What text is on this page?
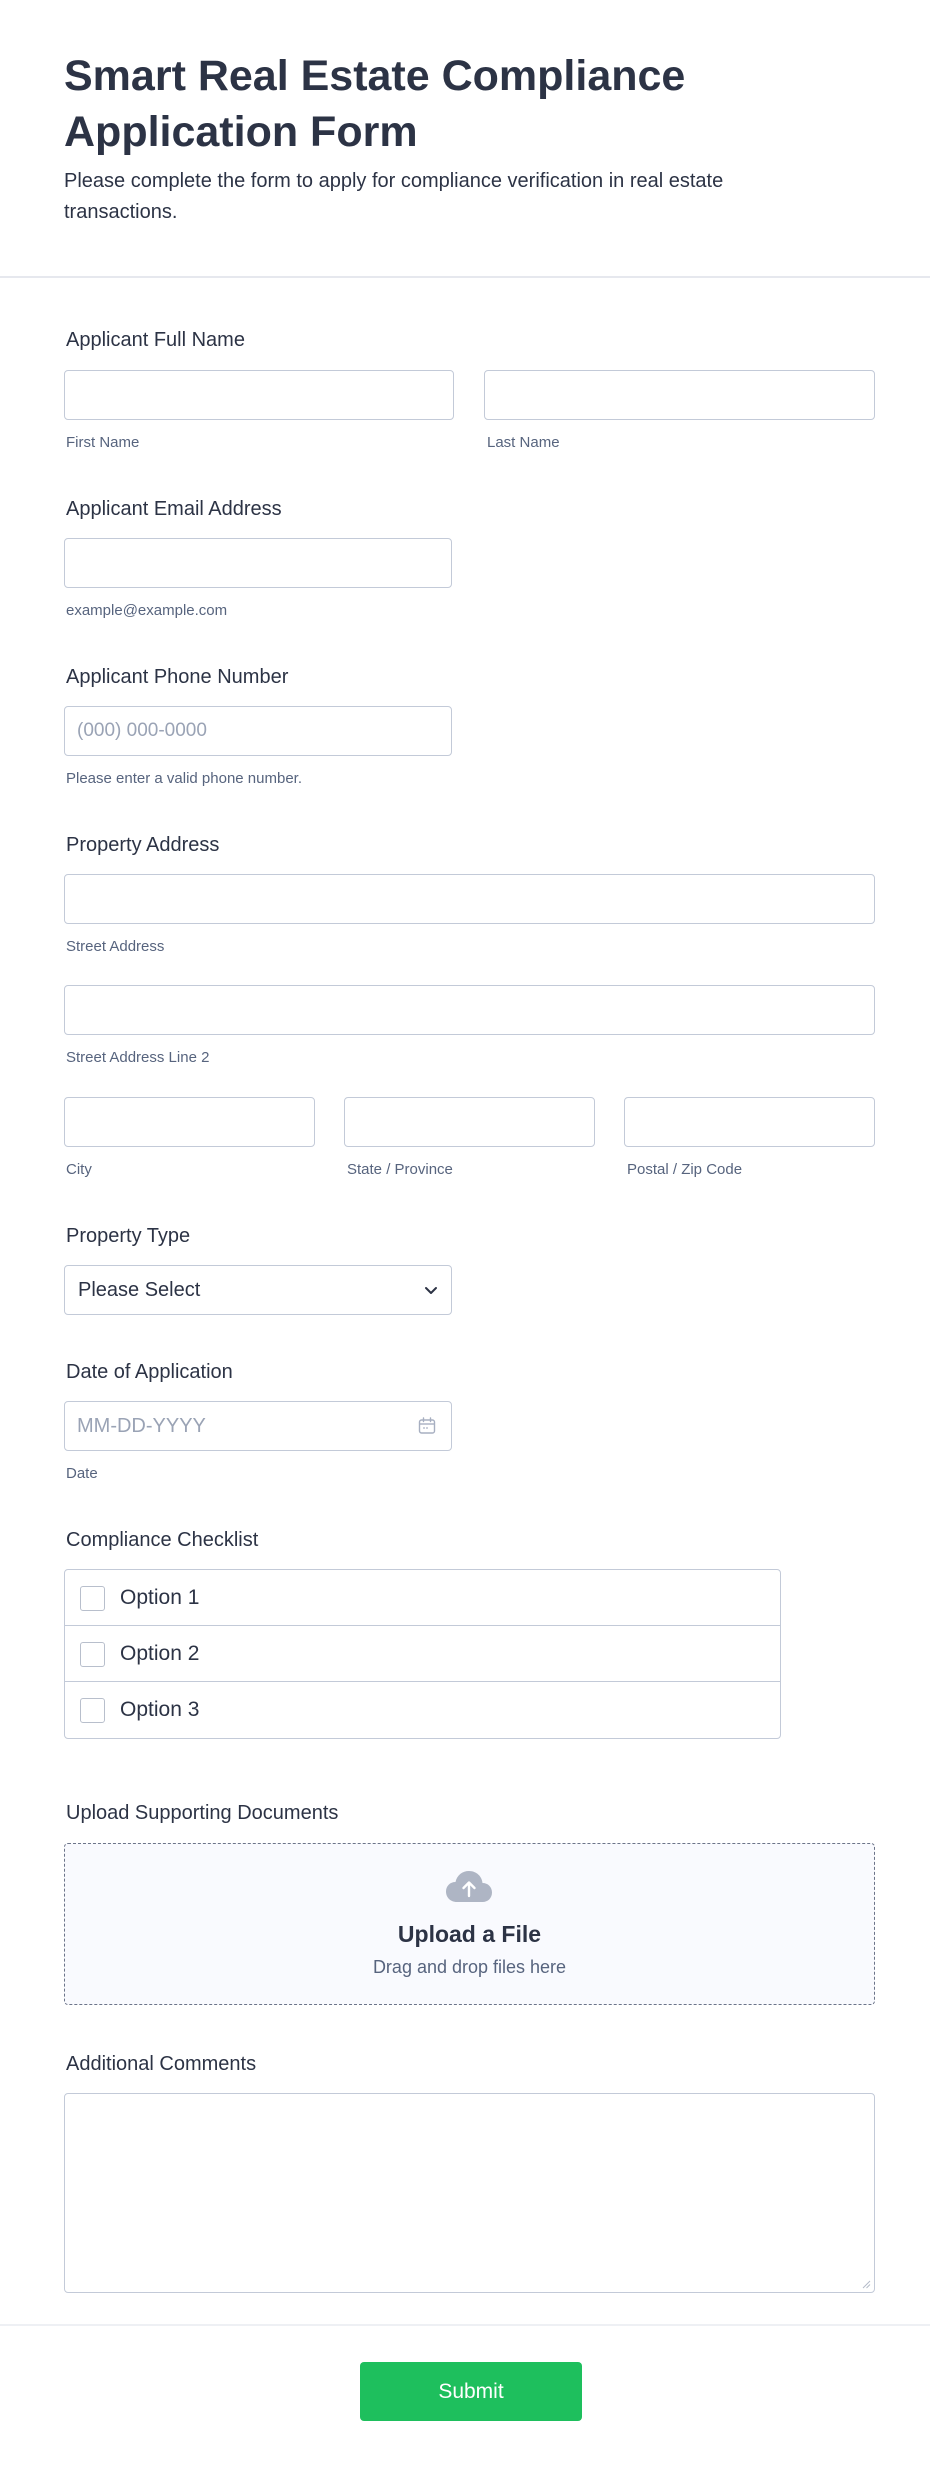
Smart Real Estate Compliance Application Form

Please complete the form to apply for compliance verification in real estate transactions.

Applicant Full Name
First Name	Last Name
Applicant Email Address
example@example.com
Applicant Phone Number
(000) 000-0000
Please enter a valid phone number.
Property Address
Street Address
Street Address Line 2
City	State / Province	Postal / Zip Code
Property Type
Please Select
Date of Application
MM-DD-YYYY
Date
Compliance Checklist
Option 1
Option 2
Option 3
Upload Supporting Documents
Upload a File
Drag and drop files here
Additional Comments
Submit
